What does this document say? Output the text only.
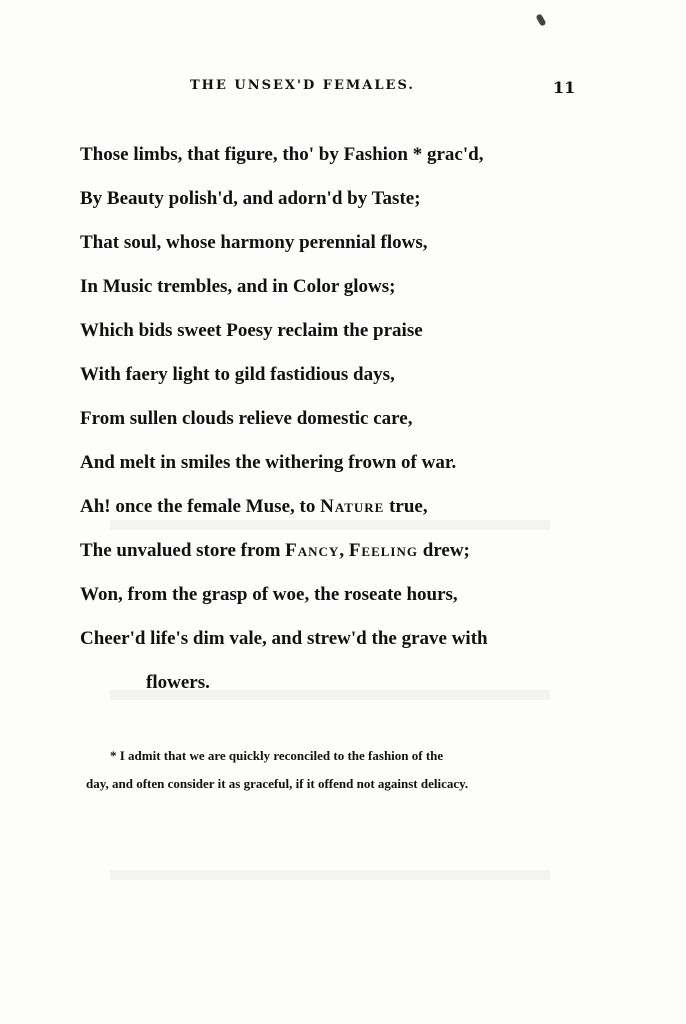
THE UNSEX'D FEMALES.	11
Those limbs, that figure, tho' by Fashion * grac'd,
By Beauty polish'd, and adorn'd by Taste;
That soul, whose harmony perennial flows,
In Music trembles, and in Color glows;
Which bids sweet Poesy reclaim the praise
With faery light to gild fastidious days,
From sullen clouds relieve domestic care,
And melt in smiles the withering frown of war.
Ah! once the female Muse, to Nature true,
The unvalued store from Fancy, Feeling drew;
Won, from the grasp of woe, the roseate hours,
Cheer'd life's dim vale, and strew'd the grave with
flowers.
* I admit that we are quickly reconciled to the fashion of the
day, and often consider it as graceful, if it offend not against delicacy.
